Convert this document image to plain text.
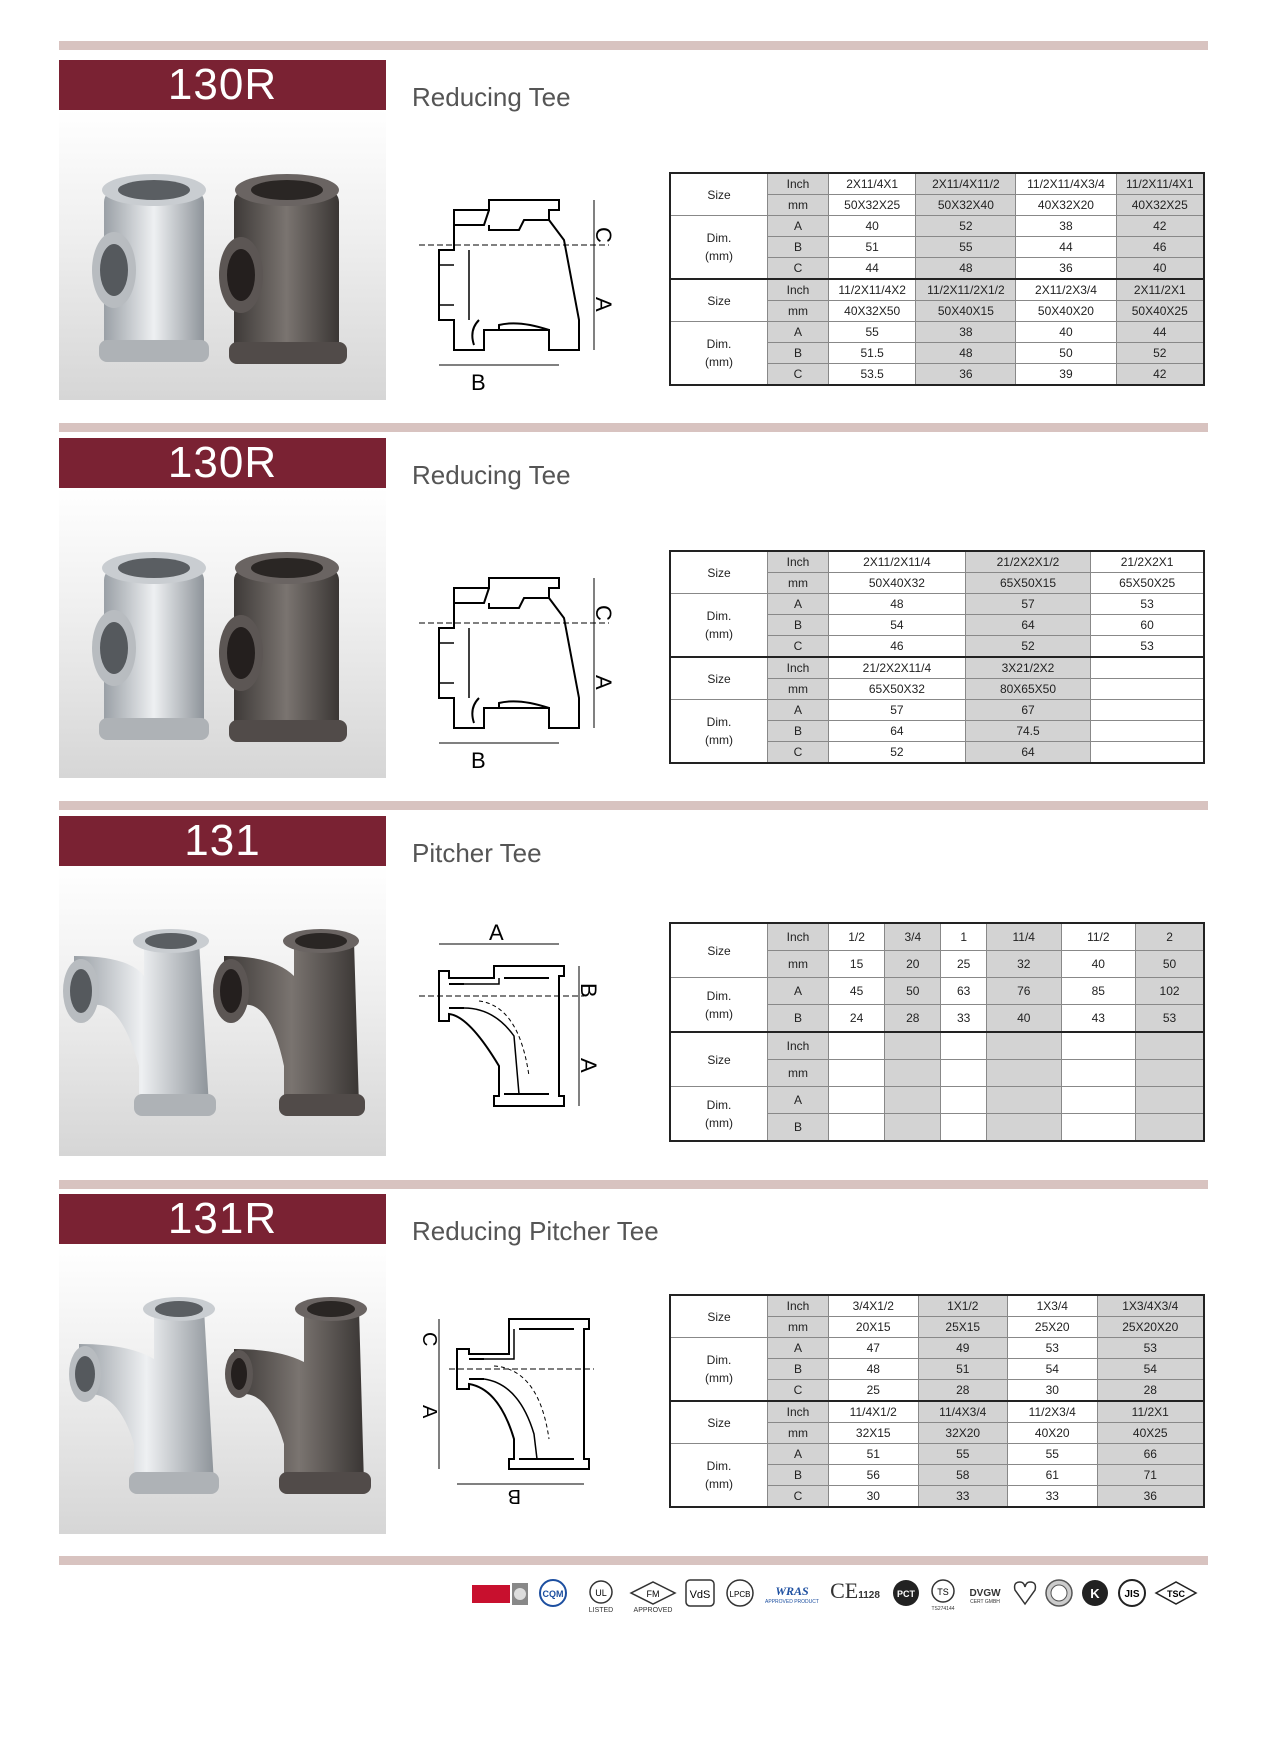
130R	Reducing Tee
C
A
B
Size	Inch	2X11/4X1	2X11/4X11/2	11/2X11/4X3/4	11/2X11/4X1
	mm	50X32X25	50X32X40	40X32X20	40X32X25
Dim.
(mm)	A	40	52	38	42
	B	51	55	44	46
	C	44	48	36	40
Size	Inch	11/2X11/4X2	11/2X11/2X1/2	2X11/2X3/4	2X11/2X1
	mm	40X32X50	50X40X15	50X40X20	50X40X25
Dim.
(mm)	A	55	38	40	44
	B	51.5	48	50	52
	C	53.5	36	39	42
130R	Reducing Tee
C
A
B
Size	Inch	2X11/2X11/4	21/2X2X1/2	21/2X2X1
	mm	50X40X32	65X50X15	65X50X25
Dim.
(mm)	A	48	57	53
	B	54	64	60
	C	46	52	53
Size	Inch	21/2X2X11/4	3X21/2X2	
	mm	65X50X32	80X65X50	
Dim.
(mm)	A	57	67	
	B	64	74.5	
	C	52	64	
131	Pitcher Tee
A
B
A
Size	Inch	1/2	3/4	1	11/4	11/2	2
	mm	15	20	25	32	40	50
Dim.
(mm)	A	45	50	63	76	85	102
	B	24	28	33	40	43	53
Size	Inch						
	mm						
Dim.
(mm)	A						
	B						
131R	Reducing Pitcher Tee
C
A
B
Size	Inch	3/4X1/2	1X1/2	1X3/4	1X3/4X3/4
	mm	20X15	25X15	25X20	25X20X20
Dim.
(mm)	A	47	49	53	53
	B	48	51	54	54
	C	25	28	30	28
Size	Inch	11/4X1/2	11/4X3/4	11/2X3/4	11/2X1
	mm	32X15	32X20	40X20	40X25
Dim.
(mm)	A	51	55	55	66
	B	56	58	61	71
	C	30	33	33	36
CQM	UL
LISTED
FM
APPROVED
VdS LPCB	WRAS
APPROVED PRODUCT CE1128	PCT TS
TS274144
DVGW
CERT GMBH
K JIS	TSC
